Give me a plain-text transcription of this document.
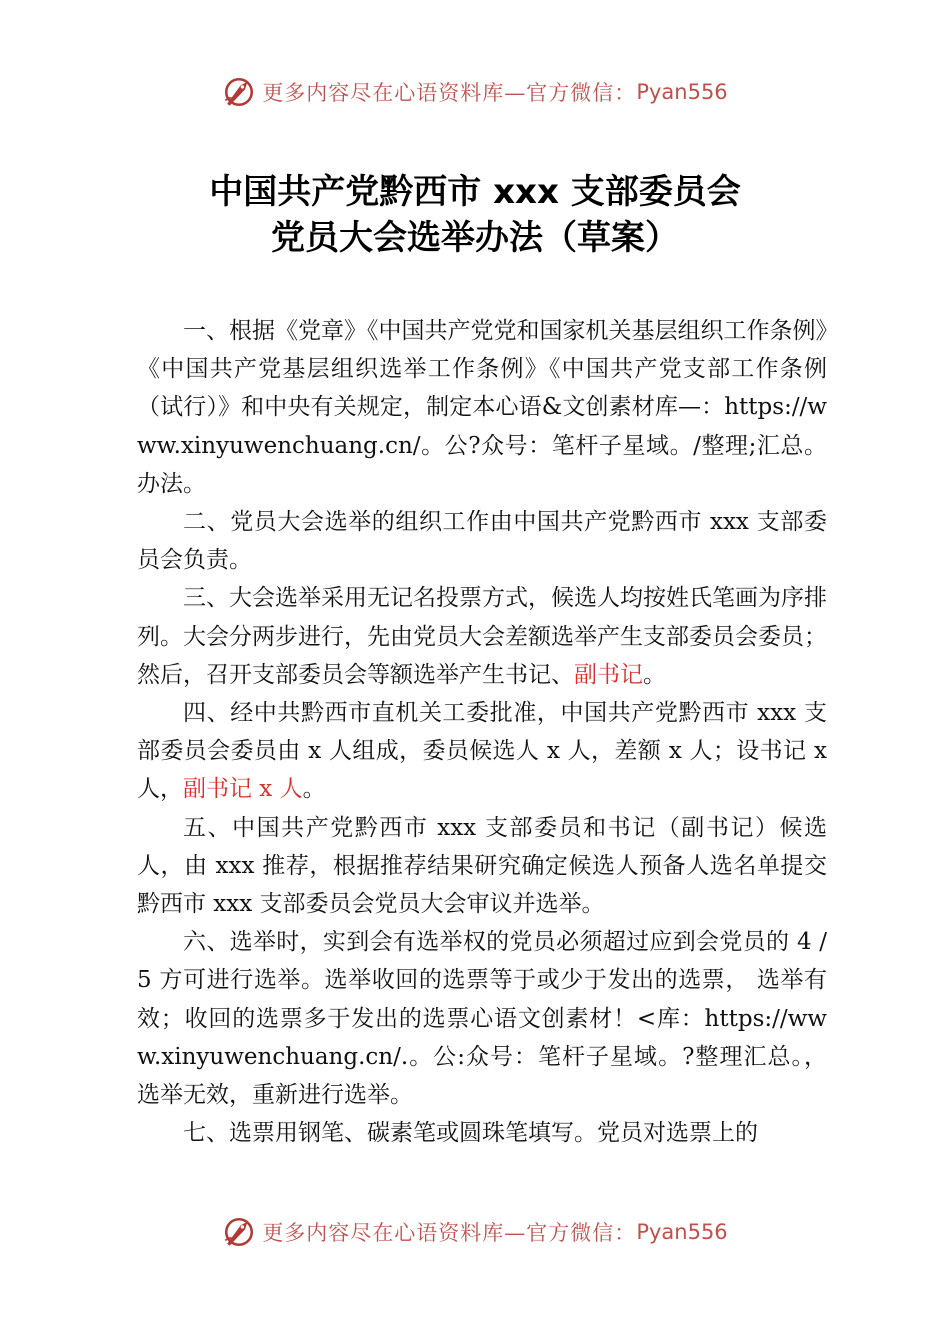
更多内容尽在心语资料库—官方微信： Pyan556
中国共产党黔西市 xxx 支部委员会
党员大会选举办法（草案）

一、根据《党章》《中国共产党党和国家机关基层组织工作条例》《中国共产党基层组织选举工作条例》《中国共产党支部工作条例（试行）》和中央有关规定，制定本心语&文创素材库—：https://www.xinyuwenchuang.cn/。公?众号：笔杆子星域。/整理;汇总。办法。

二、党员大会选举的组织工作由中国共产党黔西市 xxx 支部委员会负责。

三、大会选举采用无记名投票方式，候选人均按姓氏笔画为序排列。大会分两步进行，先由党员大会差额选举产生支部委员会委员；然后，召开支部委员会等额选举产生书记、副书记。

四、经中共黔西市直机关工委批准，中国共产党黔西市 xxx 支部委员会委员由 x 人组成，委员候选人 x 人，差额 x 人；设书记 x 人，副书记 x 人。

五、中国共产党黔西市 xxx 支部委员和书记（副书记）候选人，由 xxx 推荐，根据推荐结果研究确定候选人预备人选名单提交黔西市 xxx 支部委员会党员大会审议并选举。

六、选举时，实到会有选举权的党员必须超过应到会党员的 4 / 5 方可进行选举。选举收回的选票等于或少于发出的选票， 选举有效；收回的选票多于发出的选票心语文创素材！<库：https://www.xinyuwenchuang.cn/.。公:众号：笔杆子星域。?整理汇总。，选举无效，重新进行选举。

七、选票用钢笔、碳素笔或圆珠笔填写。党员对选票上的

更多内容尽在心语资料库—官方微信： Pyan556
